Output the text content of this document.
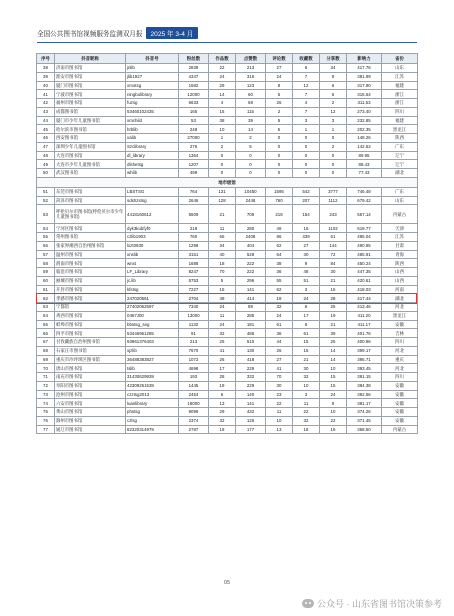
全国公共图书馆视频服务监测双月报	2025 年 3-4 月
序号	抖音昵称	抖音号	粉丝数	作品数	点赞数	评论数	收藏数	分享数	影响力	省份
38	济南市图书馆	jnlib	2839	22	213	27	6	34	417.76	山东
39	淮安市图书馆	jlib1927	4347	24	316	24	7	9	381.99	江苏
40	厦门市图书馆	xmotsg	1582	29	123	8	12	6	317.90	福建
41	宁波市图书馆	ningbolibrary	12000	14	60	5	7	6	315.64	浙江
42	福州市图书馆	fuzsg	6633	4	68	26	4	2	311.53	浙江
43	成都图书馆	53460102435	165	15	115	2	7	12	273.40	四川
44	厦门市少年儿童图书馆	xmchild	53	38	39	5	3	3	232.85	福建
45	哈尔滨市图书馆	hrblib	248	10	14	5	1	1	202.35	黑龙江
46	西安图书馆	xalib	27000	1	2	0	0	0	148.26	陕西
47	深圳少年儿童图书馆	Szclibrary	276	2	5	0	0	2	142.62	广东
48	大连市图书馆	dl_library	1364	0	0	0	0	0	89.95	辽宁
49	大连市少年儿童图书馆	dlshetsg	1207	0	0	0	0	0	88.43	辽宁
50	武汉图书馆	whlib	499	0	0	0	0	0	77.43	湖北
地市级馆										
51	东莞市图书馆	LBSTSG	764	131	10450	1595	542	3777	746.48	广东
52	菏泽市图书馆	sdshzstsg	2646	128	2448	760	207	1112	679.42	山东
53	呼伦贝尔市图书馆(呼伦贝尔市少年儿童图书馆)	4418160612	5609	21	709	218	154	243	567.14	内蒙古
54	宁河区图书馆	dyk3kubfyf0	218	11	280	49	16	1102	519.77	天津
55	常州图书馆	czlib1903	760	65	2408	86	439	61	495.04	江苏
56	张家界湘西自治州图书馆	lxzt0930	1298	34	404	62	27	144	490.95	甘肃
57	温州市图书馆	xnslib	3151	40	528	64	30	72	485.91	青海
58	渭南市图书馆	wnxt	1688	18	222	38	9	84	450.24	陕西
59	临沧市图书馆	LF_Library	8247	70	222	36	48	30	447.35	山西
60	丽城市图书馆	jc.lib	5753	5	296	55	51	21	420.61	山西
61	开封市图书馆	kfstsg	7227	15	141	62	3	16	418.03	河南
62	孝感市图书馆	247020561	2704	49	414	19	24	28	417.44	湖北
63	宁都馆	27402062697	7340	24	89	32	6	25	413.46	河北
64	鸡西市图书馆	0467J00	13000	11	285	24	17	19	411.20	黑龙江
65	蚌埠市图书馆	bbstsg_seg	1132	24	181	61	6	21	411.17	安徽
66	四平市图书馆	53446961285	91	32	486	36	61	39	401.76	吉林
67	甘孜藏族自治州图书馆	93961376403	213	25	510	44	15	25	400.96	四川
68	石家庄市图书馆	sjzlib	7670	41	130	26	15	14	399.17	河北
69	重庆市沙坪坝区图书馆	36488383827	1072	26	418	27	21	14	395.71	重庆
70	唐山市图书馆	tslib	4698	17	229	41	30	10	393.45	河北
71	南充市图书馆	31430629939	193	28	332	70	32	15	391.15	四川
72	阜阳市图书馆	42309251539	1445	19	229	30	10	15	384.38	安徽
73	沧州市图书馆	czztsg2013	2454	6	140	23	3	24	382.56	安徽
74	六安市图书馆	luanlibrary	18000	13	141	22	11	9	381.17	安徽
75	黄山市图书馆	phstsg	9099	29	432	11	22	10	374.26	安徽
76	滁州市图书馆	czlsg	2374	32	126	10	32	22	371.45	安徽
77	通辽市图书馆	82320314979	2787	18	177	13	18	16	368.50	内蒙古
05
公众号 · 山东省图书馆决策参考
